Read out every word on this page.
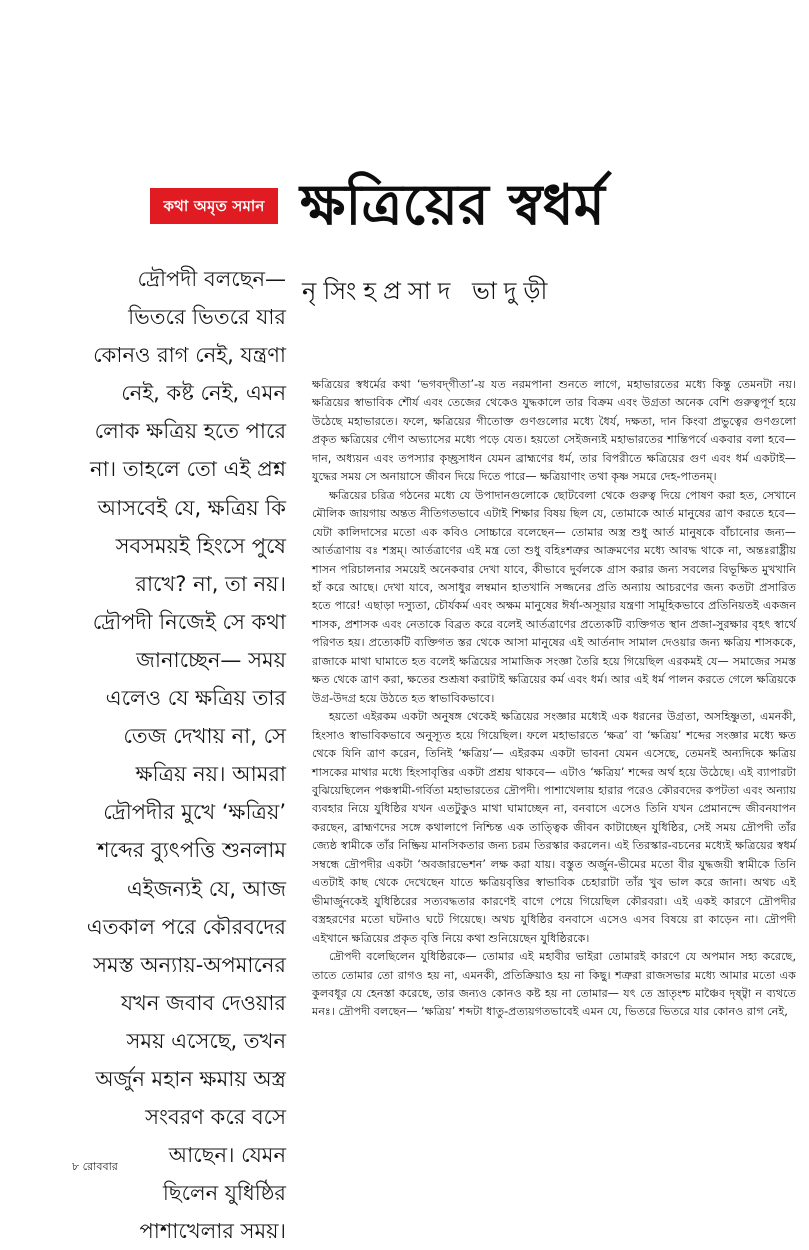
কথা অমৃত সমান ক্ষত্রিয়ের স্বধর্ম
নৃসিংহপ্রসাদ ভাদুড়ী
দ্রৌপদী বলছেন—
ভিতরে ভিতরে যার
কোনও রাগ নেই, যন্ত্রণা
নেই, কষ্ট নেই, এমন
লোক ক্ষত্রিয় হতে পারে
না। তাহলে তো এই প্রশ্ন
আসবেই যে, ক্ষত্রিয় কি
সবসময়ই হিংসে পুষে
রাখে? না, তা নয়।
দ্রৌপদী নিজেই সে কথা
জানাচ্ছেন— সময়
এলেও যে ক্ষত্রিয় তার
তেজ দেখায় না, সে
ক্ষত্রিয় নয়। আমরা
দ্রৌপদীর মুখে ‘ক্ষত্রিয়’
শব্দের ব্যুৎপত্তি শুনলাম
এইজন্যই যে, আজ
এতকাল পরে কৌরবদের
সমস্ত অন্যায়-অপমানের
যখন জবাব দেওয়ার
সময় এসেছে, তখন
অর্জুন মহান ক্ষমায় অস্ত্র
সংবরণ করে বসে
আছেন। যেমন
ছিলেন যুধিষ্ঠির
পাশাখেলার সময়।

ক্ষত্রিয়ের স্বধর্মের কথা ‘ভগবদ্‌গীতা’-য় যত নরমপানা শুনতে লাগে, মহাভারতের মধ্যে কিন্তু তেমনটা নয়। ক্ষত্রিয়ের স্বাভাবিক শৌর্য এবং তেজের থেকেও যুদ্ধকালে তার বিক্রম এবং উগ্রতা অনেক বেশি গুরুত্বপূর্ণ হয়ে উঠেছে মহাভারতে। ফলে, ক্ষত্রিয়ের গীতোক্ত গুণগুলোর মধ্যে ধৈর্য, দক্ষতা, দান কিংবা প্রভুত্বের গুণগুলো প্রকৃত ক্ষত্রিয়ের গৌণ অভ্যাসের মধ্যে পড়ে যেত। হয়তো সেইজন্যই মহাভারতের শান্তিপর্বে একবার বলা হবে— দান, অধ্যয়ন এবং তপস্যার কৃচ্ছ্রসাধন যেমন ব্রাহ্মণের ধর্ম, তার বিপরীতে ক্ষত্রিয়ের গুণ এবং ধর্ম একটাই— যুদ্ধের সময় সে অনায়াসে জীবন দিয়ে দিতে পারে— ক্ষত্রিয়াণাং তথা কৃষ্ণ সমরে দেহ-পাতনম্‌।

ক্ষত্রিয়ের চরিত্র গঠনের মধ্যে যে উপাদানগুলোকে ছোটবেলা থেকে গুরুত্ব দিয়ে পোষণ করা হত, সেখানে মৌলিক জায়গায় অন্তত নীতিগতভাবে এটাই শিক্ষার বিষয় ছিল যে, তোমাকে আর্ত মানুষের ত্রাণ করতে হবে— যেটা কালিদাসের মতো এক কবিও সোচ্চারে বলেছেন— তোমার অস্ত্র শুধু আর্ত মানুষকে বাঁচানোর জন্য— আর্তত্রাণায় বঃ শস্ত্রম্‌। আর্তত্রাণের এই মন্ত্র তো শুধু বহিঃশত্রুর আক্রমণের মধ্যে আবদ্ধ থাকে না, অন্তঃরাষ্ট্রীয় শাসন পরিচালনার সময়েই অনেকবার দেখা যাবে, কীভাবে দুর্বলকে গ্রাস করার জন্য সবলের বিভূক্ষিত মুখখানি হাঁ করে আছে। দেখা যাবে, অসাধুর লম্বমান হাতখানি সজ্জনের প্রতি অন্যায় আচরণের জন্য কতটা প্রসারিত হতে পারে! এছাড়া দস্যুতা, চৌর্যকর্ম এবং অক্ষম মানুষের ঈর্ষা-অসূয়ার যন্ত্রণা সামূহিকভাবে প্রতিনিয়তই একজন শাসক, প্রশাসক এবং নেতাকে বিব্রত করে বলেই আর্তত্রাণের প্রত্যেকটি ব্যক্তিগত স্থান প্রজা-সুরক্ষার বৃহৎ স্বার্থে পরিণত হয়। প্রত্যেকটি ব্যক্তিগত স্তর থেকে আসা মানুষের এই আর্তনাদ সামাল দেওয়ার জন্য ক্ষত্রিয় শাসককে, রাজাকে মাথা ঘামাতে হত বলেই ক্ষত্রিয়ের সামাজিক সংজ্ঞা তৈরি হয়ে গিয়েছিল এরকমই যে— সমাজের সমস্ত ক্ষত থেকে ত্রাণ করা, ক্ষতের শুশ্রূষা করাটাই ক্ষত্রিয়ের কর্ম এবং ধর্ম। আর এই ধর্ম পালন করতে গেলে ক্ষত্রিয়কে উগ্র-উদগ্র হয়ে উঠতে হত স্বাভাবিকভাবে।

হয়তো এইরকম একটা অনুষঙ্গ থেকেই ক্ষত্রিয়ের সংজ্ঞার মধ্যেই এক ধরনের উগ্রতা, অসহিষ্ণুতা, এমনকী, হিংসাও স্বাভাবিকভাবে অনুস্যূত হয়ে গিয়েছিল। ফলে মহাভারতে ‘ক্ষত্র’ বা ‘ক্ষত্রিয়’ শব্দের সংজ্ঞার মধ্যে ক্ষত থেকে যিনি ত্রাণ করেন, তিনিই ‘ক্ষত্রিয়’— এইরকম একটা ভাবনা যেমন এসেছে, তেমনই অন্যদিকে ক্ষত্রিয় শাসকের মাথার মধ্যে হিংসাবৃত্তির একটা প্রশ্রয় থাকবে— এটাও ‘ক্ষত্রিয়’ শব্দের অর্থ হয়ে উঠেছে। এই ব্যাপারটা বুঝিয়েছিলেন পঞ্চস্বামী-গর্বিতা মহাভারতের দ্রৌপদী। পাশাখেলায় হারার পরেও কৌরবদের কপটতা এবং অন্যায় ব্যবহার নিয়ে যুধিষ্ঠির যখন এতটুকুও মাথা ঘামাচ্ছেন না, বনবাসে এসেও তিনি যখন প্রেমানন্দে জীবনযাপন করছেন, ব্রাহ্মণদের সঙ্গে কথালাপে নিশ্চিন্ত এক তাত্ত্বিক জীবন কাটাচ্ছেন যুধিষ্ঠির, সেই সময় দ্রৌপদী তাঁর জ্যেষ্ঠ স্বামীকে তাঁর নিষ্ক্রিয় মানসিকতার জন্য চরম তিরস্কার করলেন। এই তিরস্কার-বচনের মধ্যেই ক্ষত্রিয়ের স্বধর্ম সম্বন্ধে দ্রৌপদীর একটা ‘অবজারভেশন’ লক্ষ করা যায়। বস্তুত অর্জুন-ভীমের মতো বীর যুদ্ধজয়ী স্বামীকে তিনি এতটাই কাছ থেকে দেখেছেন যাতে ক্ষত্রিয়বৃত্তির স্বাভাবিক চেহারাটা তাঁর খুব ভাল করে জানা। অথচ এই ভীমার্জুনকেই যুধিষ্ঠিরের সত্যবদ্ধতার কারণেই বাগে পেয়ে গিয়েছিল কৌরবরা। এই একই কারণে দ্রৌপদীর বস্ত্রহরণের মতো ঘটনাও ঘটে গিয়েছে। অথচ যুধিষ্ঠির বনবাসে এসেও এসব বিষয়ে রা কাড়েন না। দ্রৌপদী এইখানে ক্ষত্রিয়ের প্রকৃত বৃত্তি নিয়ে কথা শুনিয়েছেন যুধিষ্ঠিরকে।

দ্রৌপদী বলেছিলেন যুধিষ্ঠিরকে— তোমার এই মহাবীর ভাইরা তোমারই কারণে যে অপমান সহ্য করেছে, তাতে তোমার তো রাগও হয় না, এমনকী, প্রতিক্রিয়াও হয় না কিছু। শত্রুরা রাজসভার মধ্যে আমার মতো এক কুলবধূর যে হেনস্তা করেছে, তার জন্যও কোনও কষ্ট হয় না তোমার— যৎ তে ভ্রাতৃংশ্চ মাঞ্চৈব দৃষ্ট্বা ন ব্যথতে মনঃ। দ্রৌপদী বলছেন— ‘ক্ষত্রিয়’ শব্দটা ধাতু-প্রত্যয়গতভাবেই এমন যে, ভিতরে ভিতরে যার কোনও রাগ নেই,

৮ রোববার
